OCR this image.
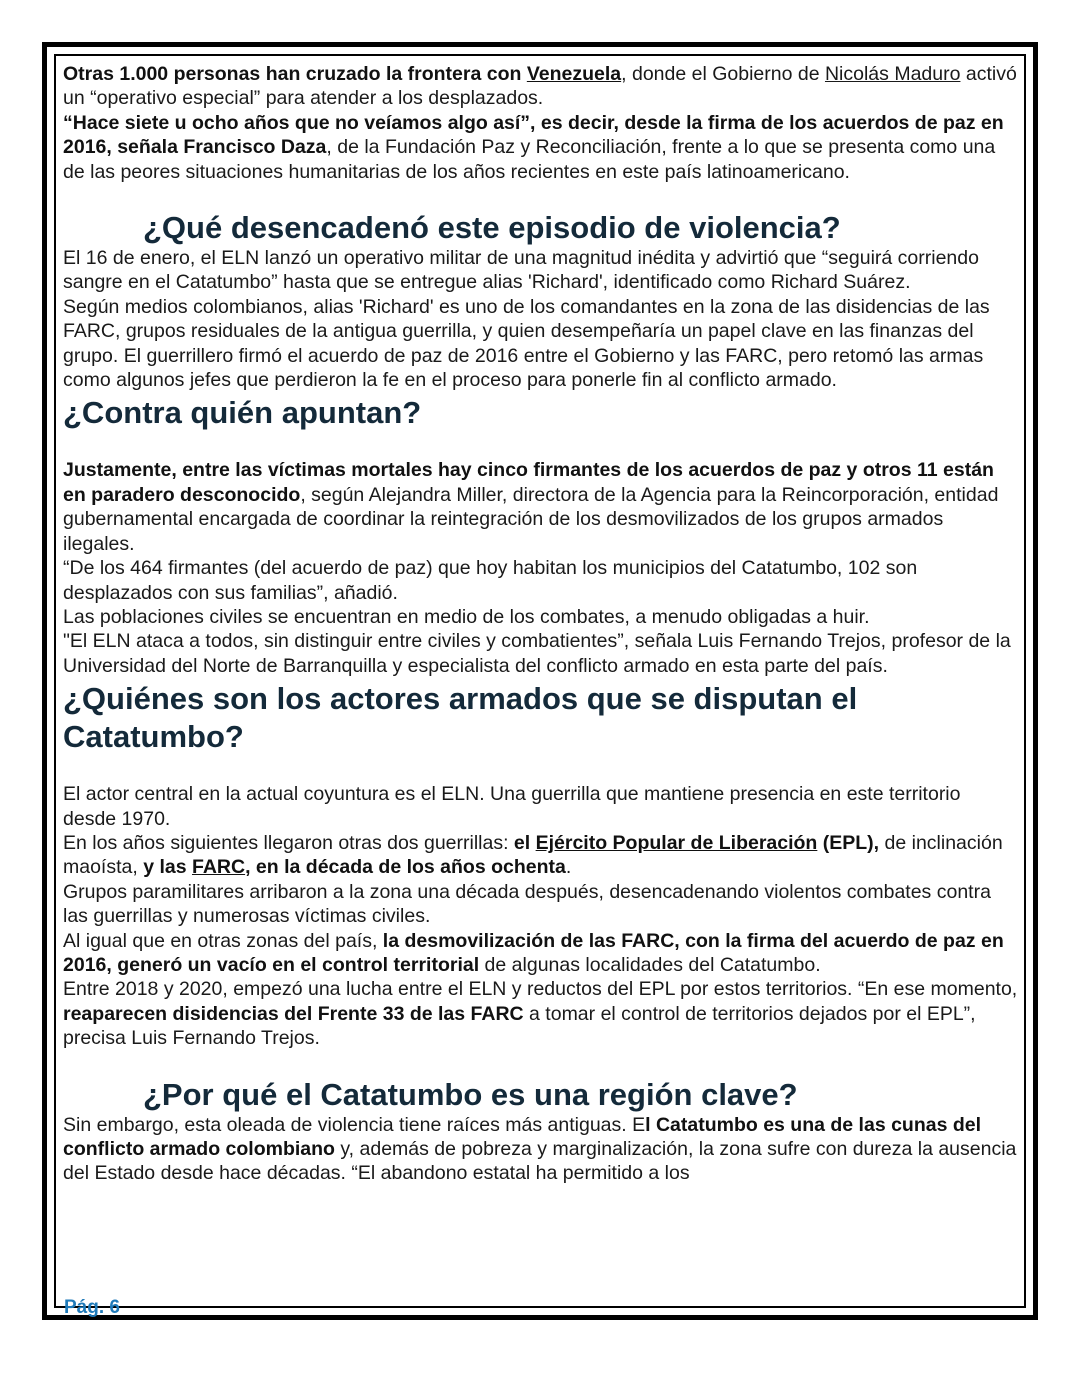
Otras 1.000 personas han cruzado la frontera con Venezuela, donde el Gobierno de Nicolás Maduro activó un “operativo especial” para atender a los desplazados.

“Hace siete u ocho años que no veíamos algo así”, es decir, desde la firma de los acuerdos de paz en 2016, señala Francisco Daza, de la Fundación Paz y Reconciliación, frente a lo que se presenta como una de las peores situaciones humanitarias de los años recientes en este país latinoamericano.

¿Qué desencadenó este episodio de violencia?

El 16 de enero, el ELN lanzó un operativo militar de una magnitud inédita y advirtió que “seguirá corriendo sangre en el Catatumbo” hasta que se entregue alias 'Richard', identificado como Richard Suárez.

Según medios colombianos, alias 'Richard' es uno de los comandantes en la zona de las disidencias de las FARC, grupos residuales de la antigua guerrilla, y quien desempeñaría un papel clave en las finanzas del grupo. El guerrillero firmó el acuerdo de paz de 2016 entre el Gobierno y las FARC, pero retomó las armas como algunos jefes que perdieron la fe en el proceso para ponerle fin al conflicto armado.

¿Contra quién apuntan?

Justamente, entre las víctimas mortales hay cinco firmantes de los acuerdos de paz y otros 11 están en paradero desconocido, según Alejandra Miller, directora de la Agencia para la Reincorporación, entidad gubernamental encargada de coordinar la reintegración de los desmovilizados de los grupos armados ilegales.

“De los 464 firmantes (del acuerdo de paz) que hoy habitan los municipios del Catatumbo, 102 son desplazados con sus familias”, añadió.

Las poblaciones civiles se encuentran en medio de los combates, a menudo obligadas a huir.

"El ELN ataca a todos, sin distinguir entre civiles y combatientes”, señala Luis Fernando Trejos, profesor de la Universidad del Norte de Barranquilla y especialista del conflicto armado en esta parte del país.

¿Quiénes son los actores armados que se disputan el Catatumbo?

El actor central en la actual coyuntura es el ELN. Una guerrilla que mantiene presencia en este territorio desde 1970.

En los años siguientes llegaron otras dos guerrillas: el Ejército Popular de Liberación (EPL), de inclinación maoísta, y las FARC, en la década de los años ochenta.

Grupos paramilitares arribaron a la zona una década después, desencadenando violentos combates contra las guerrillas y numerosas víctimas civiles.

Al igual que en otras zonas del país, la desmovilización de las FARC, con la firma del acuerdo de paz en 2016, generó un vacío en el control territorial de algunas localidades del Catatumbo.

Entre 2018 y 2020, empezó una lucha entre el ELN y reductos del EPL por estos territorios. “En ese momento, reaparecen disidencias del Frente 33 de las FARC a tomar el control de territorios dejados por el EPL”, precisa Luis Fernando Trejos.

¿Por qué el Catatumbo es una región clave?

Sin embargo, esta oleada de violencia tiene raíces más antiguas. El Catatumbo es una de las cunas del conflicto armado colombiano y, además de pobreza y marginalización, la zona sufre con dureza la ausencia del Estado desde hace décadas. “El abandono estatal ha permitido a los

Pág. 6
